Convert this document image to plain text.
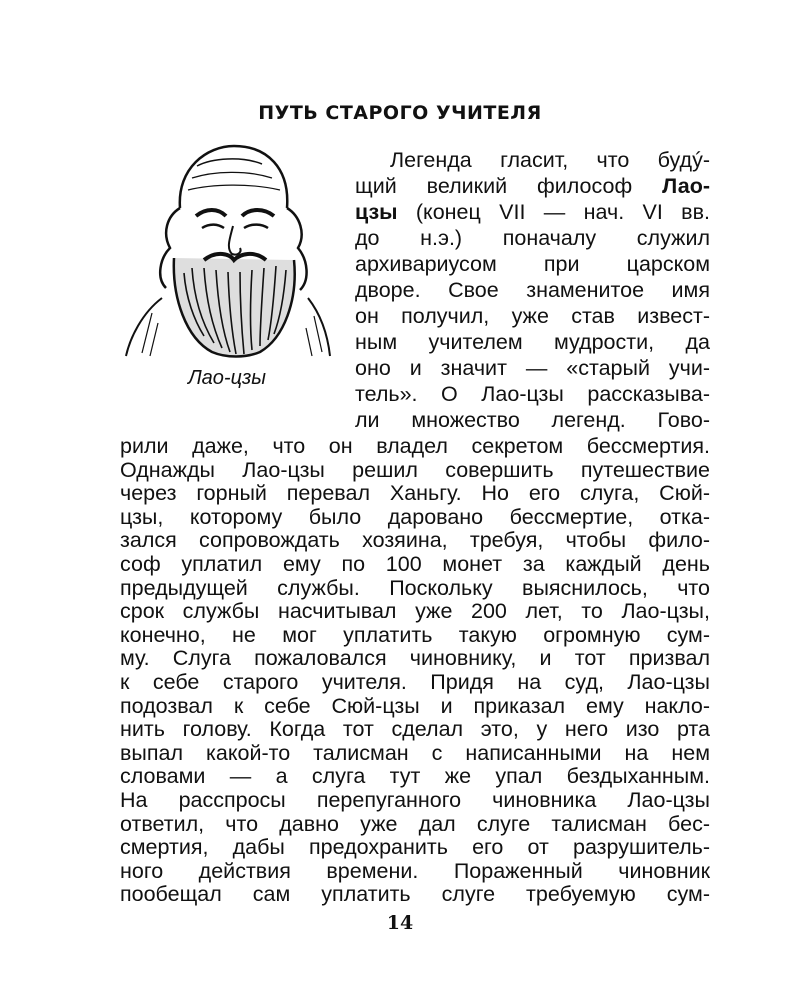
ПУТЬ СТАРОГО УЧИТЕЛЯ
Лао-цзы
Легенда гласит, что будý-
щий великий философ Лао-
цзы (конец VII — нач. VI вв.
до н.э.) поначалу служил
архивариусом при царском
дворе. Свое знаменитое имя
он получил, уже став извест-
ным учителем мудрости, да
оно и значит — «старый учи-
тель». О Лао-цзы рассказыва-
ли множество легенд. Гово-
рили даже, что он владел секретом бессмертия.
Однажды Лао-цзы решил совершить путешествие
через горный перевал Ханьгу. Но его слуга, Сюй-
цзы, которому было даровано бессмертие, отка-
зался сопровождать хозяина, требуя, чтобы фило-
соф уплатил ему по 100 монет за каждый день
предыдущей службы. Поскольку выяснилось, что
срок службы насчитывал уже 200 лет, то Лао-цзы,
конечно, не мог уплатить такую огромную сум-
му. Слуга пожаловался чиновнику, и тот призвал
к себе старого учителя. Придя на суд, Лао-цзы
подозвал к себе Сюй-цзы и приказал ему накло-
нить голову. Когда тот сделал это, у него изо рта
выпал какой-то талисман с написанными на нем
словами — а слуга тут же упал бездыханным.
На расспросы перепуганного чиновника Лао-цзы
ответил, что давно уже дал слуге талисман бес-
смертия, дабы предохранить его от разрушитель-
14
ного действия времени. Пораженный чиновник
пообещал сам уплатить слуге требуемую сум-
